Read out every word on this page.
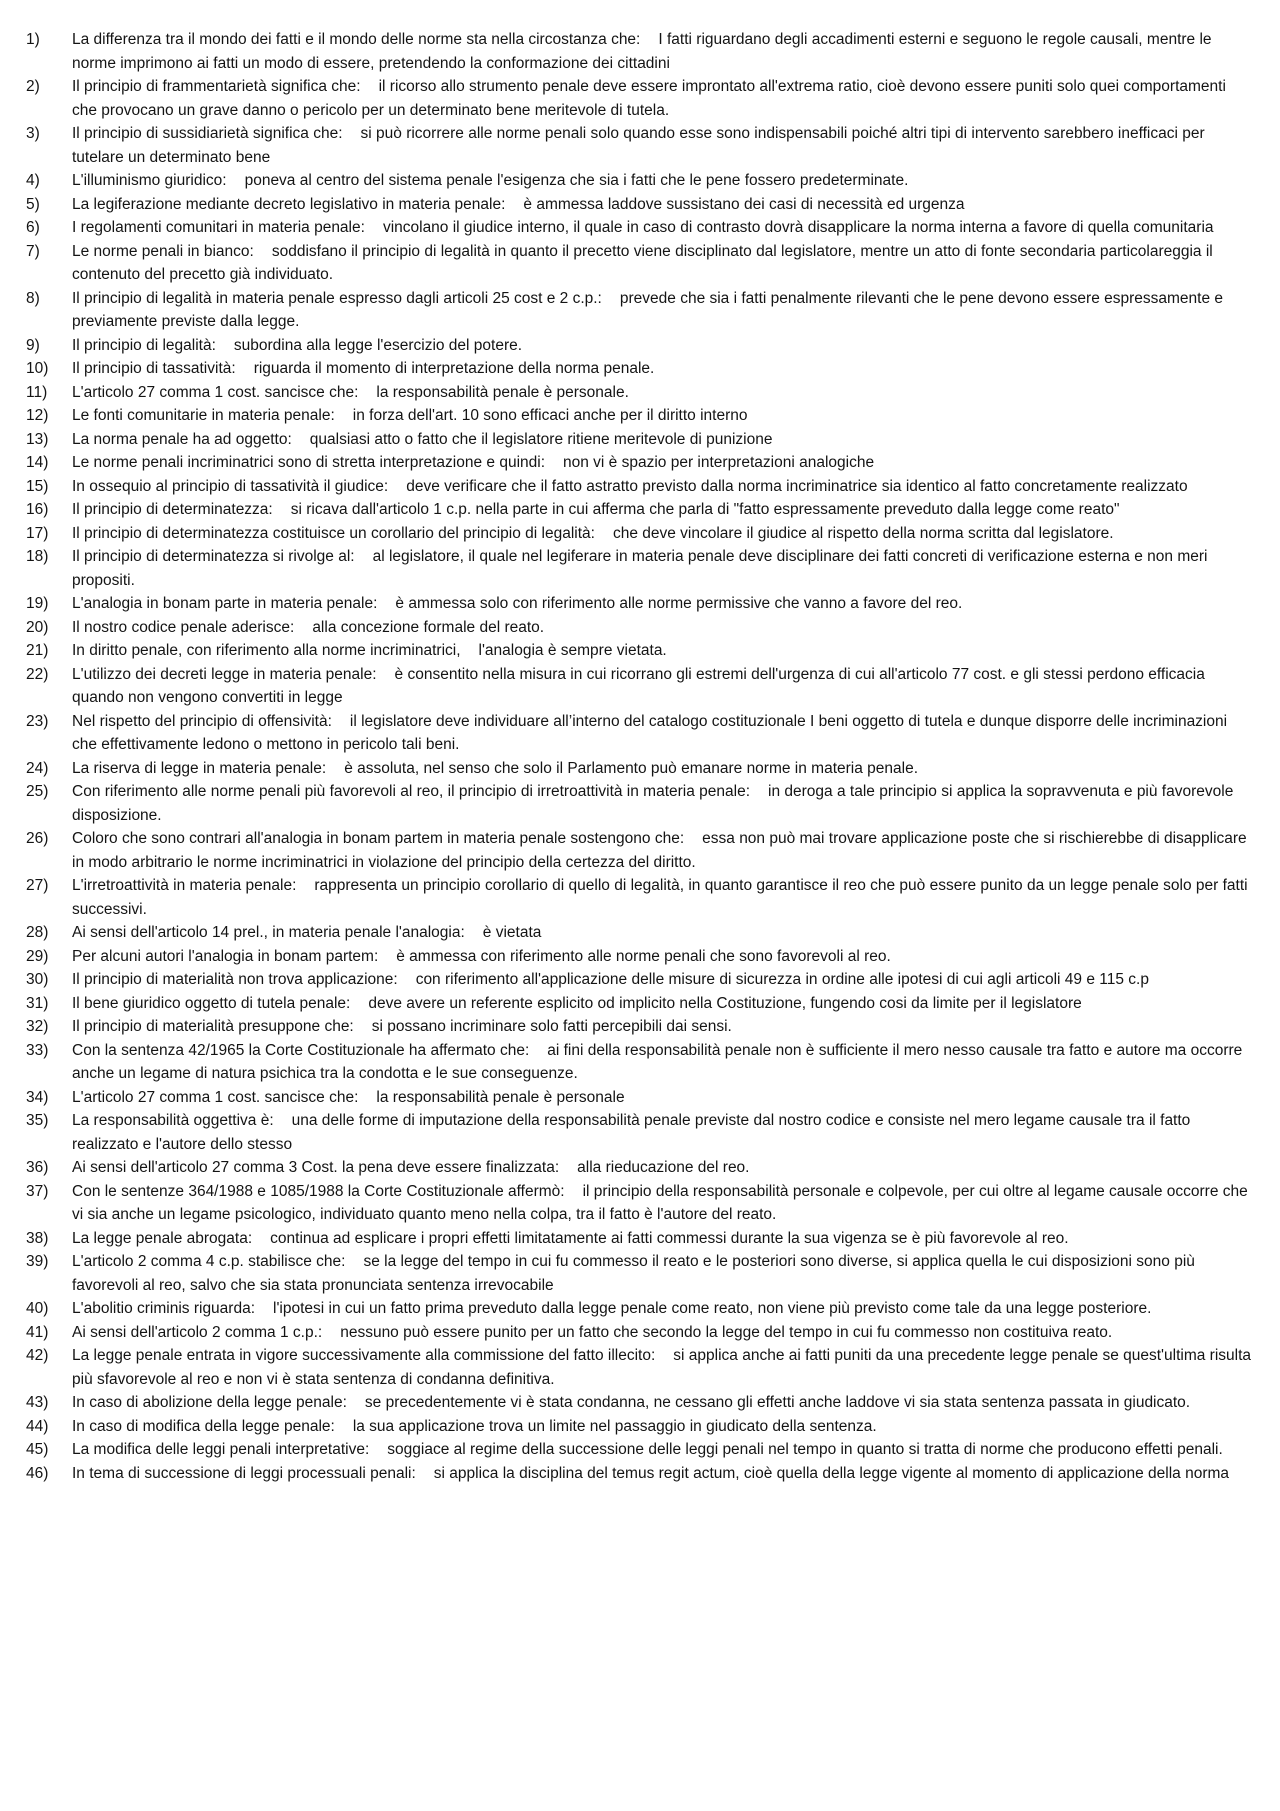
1)	La differenza tra il mondo dei fatti e il mondo delle norme sta nella circostanza che: I fatti riguardano degli accadimenti esterni e seguono le regole causali, mentre le norme imprimono ai fatti un modo di essere, pretendendo la conformazione dei cittadini
2)	Il principio di frammentarietà significa che: il ricorso allo strumento penale deve essere improntato all'extrema ratio, cioè devono essere puniti solo quei comportamenti che provocano un grave danno o pericolo per un determinato bene meritevole di tutela.
3)	Il principio di sussidiarietà significa che: si può ricorrere alle norme penali solo quando esse sono indispensabili poiché altri tipi di intervento sarebbero inefficaci per tutelare un determinato bene
4)	L'illuminismo giuridico: poneva al centro del sistema penale l'esigenza che sia i fatti che le pene fossero predeterminate.
5)	La legiferazione mediante decreto legislativo in materia penale: è ammessa laddove sussistano dei casi di necessità ed urgenza
6)	I regolamenti comunitari in materia penale: vincolano il giudice interno, il quale in caso di contrasto dovrà disapplicare la norma interna a favore di quella comunitaria
7)	Le norme penali in bianco: soddisfano il principio di legalità in quanto il precetto viene disciplinato dal legislatore, mentre un atto di fonte secondaria particolareggia il contenuto del precetto già individuato.
8)	Il principio di legalità in materia penale espresso dagli articoli 25 cost e 2 c.p.: prevede che sia i fatti penalmente rilevanti che le pene devono essere espressamente e previamente previste dalla legge.
9)	Il principio di legalità: subordina alla legge l'esercizio del potere.
10)	Il principio di tassatività: riguarda il momento di interpretazione della norma penale.
11)	L'articolo 27 comma 1 cost. sancisce che: la responsabilità penale è personale.
12)	Le fonti comunitarie in materia penale: in forza dell'art. 10 sono efficaci anche per il diritto interno
13)	La norma penale ha ad oggetto: qualsiasi atto o fatto che il legislatore ritiene meritevole di punizione
14)	Le norme penali incriminatrici sono di stretta interpretazione e quindi: non vi è spazio per interpretazioni analogiche
15)	In ossequio al principio di tassatività il giudice: deve verificare che il fatto astratto previsto dalla norma incriminatrice sia identico al fatto concretamente realizzato
16)	Il principio di determinatezza: si ricava dall'articolo 1 c.p. nella parte in cui afferma che parla di "fatto espressamente preveduto dalla legge come reato"
17)	Il principio di determinatezza costituisce un corollario del principio di legalità: che deve vincolare il giudice al rispetto della norma scritta dal legislatore.
18)	Il principio di determinatezza si rivolge al: al legislatore, il quale nel legiferare in materia penale deve disciplinare dei fatti concreti di verificazione esterna e non meri propositi.
19)	L'analogia in bonam parte in materia penale: è ammessa solo con riferimento alle norme permissive che vanno a favore del reo.
20)	Il nostro codice penale aderisce: alla concezione formale del reato.
21)	In diritto penale, con riferimento alla norme incriminatrici, l'analogia è sempre vietata.
22)	L'utilizzo dei decreti legge in materia penale: è consentito nella misura in cui ricorrano gli estremi dell'urgenza di cui all'articolo 77 cost. e gli stessi perdono efficacia quando non vengono convertiti in legge
23)	Nel rispetto del principio di offensività: il legislatore deve individuare all’interno del catalogo costituzionale I beni oggetto di tutela e dunque disporre delle incriminazioni che effettivamente ledono o mettono in pericolo tali beni.
24)	La riserva di legge in materia penale: è assoluta, nel senso che solo il Parlamento può emanare norme in materia penale.
25)	Con riferimento alle norme penali più favorevoli al reo, il principio di irretroattività in materia penale: in deroga a tale principio si applica la sopravvenuta e più favorevole disposizione.
26)	Coloro che sono contrari all'analogia in bonam partem in materia penale sostengono che: essa non può mai trovare applicazione poste che si rischierebbe di disapplicare in modo arbitrario le norme incriminatrici in violazione del principio della certezza del diritto.
27)	L'irretroattività in materia penale: rappresenta un principio corollario di quello di legalità, in quanto garantisce il reo che può essere punito da un legge penale solo per fatti successivi.
28)	Ai sensi dell'articolo 14 prel., in materia penale l'analogia: è vietata
29)	Per alcuni autori l'analogia in bonam partem: è ammessa con riferimento alle norme penali che sono favorevoli al reo.
30)	Il principio di materialità non trova applicazione: con riferimento all'applicazione delle misure di sicurezza in ordine alle ipotesi di cui agli articoli 49 e 115 c.p
31)	Il bene giuridico oggetto di tutela penale: deve avere un referente esplicito od implicito nella Costituzione, fungendo cosi da limite per il legislatore
32)	Il principio di materialità presuppone che: si possano incriminare solo fatti percepibili dai sensi.
33)	Con la sentenza 42/1965 la Corte Costituzionale ha affermato che: ai fini della responsabilità penale non è sufficiente il mero nesso causale tra fatto e autore ma occorre anche un legame di natura psichica tra la condotta e le sue conseguenze.
34)	L'articolo 27 comma 1 cost. sancisce che: la responsabilità penale è personale
35)	La responsabilità oggettiva è: una delle forme di imputazione della responsabilità penale previste dal nostro codice e consiste nel mero legame causale tra il fatto realizzato e l'autore dello stesso
36)	Ai sensi dell'articolo 27 comma 3 Cost. la pena deve essere finalizzata: alla rieducazione del reo.
37)	Con le sentenze 364/1988 e 1085/1988 la Corte Costituzionale affermò: il principio della responsabilità personale e colpevole, per cui oltre al legame causale occorre che vi sia anche un legame psicologico, individuato quanto meno nella colpa, tra il fatto è l'autore del reato.
38)	La legge penale abrogata: continua ad esplicare i propri effetti limitatamente ai fatti commessi durante la sua vigenza se è più favorevole al reo.
39)	L'articolo 2 comma 4 c.p. stabilisce che: se la legge del tempo in cui fu commesso il reato e le posteriori sono diverse, si applica quella le cui disposizioni sono più favorevoli al reo, salvo che sia stata pronunciata sentenza irrevocabile
40)	L'abolitio criminis riguarda: l'ipotesi in cui un fatto prima preveduto dalla legge penale come reato, non viene più previsto come tale da una legge posteriore.
41)	Ai sensi dell'articolo 2 comma 1 c.p.: nessuno può essere punito per un fatto che secondo la legge del tempo in cui fu commesso non costituiva reato.
42)	La legge penale entrata in vigore successivamente alla commissione del fatto illecito: si applica anche ai fatti puniti da una precedente legge penale se quest'ultima risulta più sfavorevole al reo e non vi è stata sentenza di condanna definitiva.
43)	In caso di abolizione della legge penale: se precedentemente vi è stata condanna, ne cessano gli effetti anche laddove vi sia stata sentenza passata in giudicato.
44)	In caso di modifica della legge penale: la sua applicazione trova un limite nel passaggio in giudicato della sentenza.
45)	La modifica delle leggi penali interpretative: soggiace al regime della successione delle leggi penali nel tempo in quanto si tratta di norme che producono effetti penali.
46)	In tema di successione di leggi processuali penali: si applica la disciplina del temus regit actum, cioè quella della legge vigente al momento di applicazione della norma
